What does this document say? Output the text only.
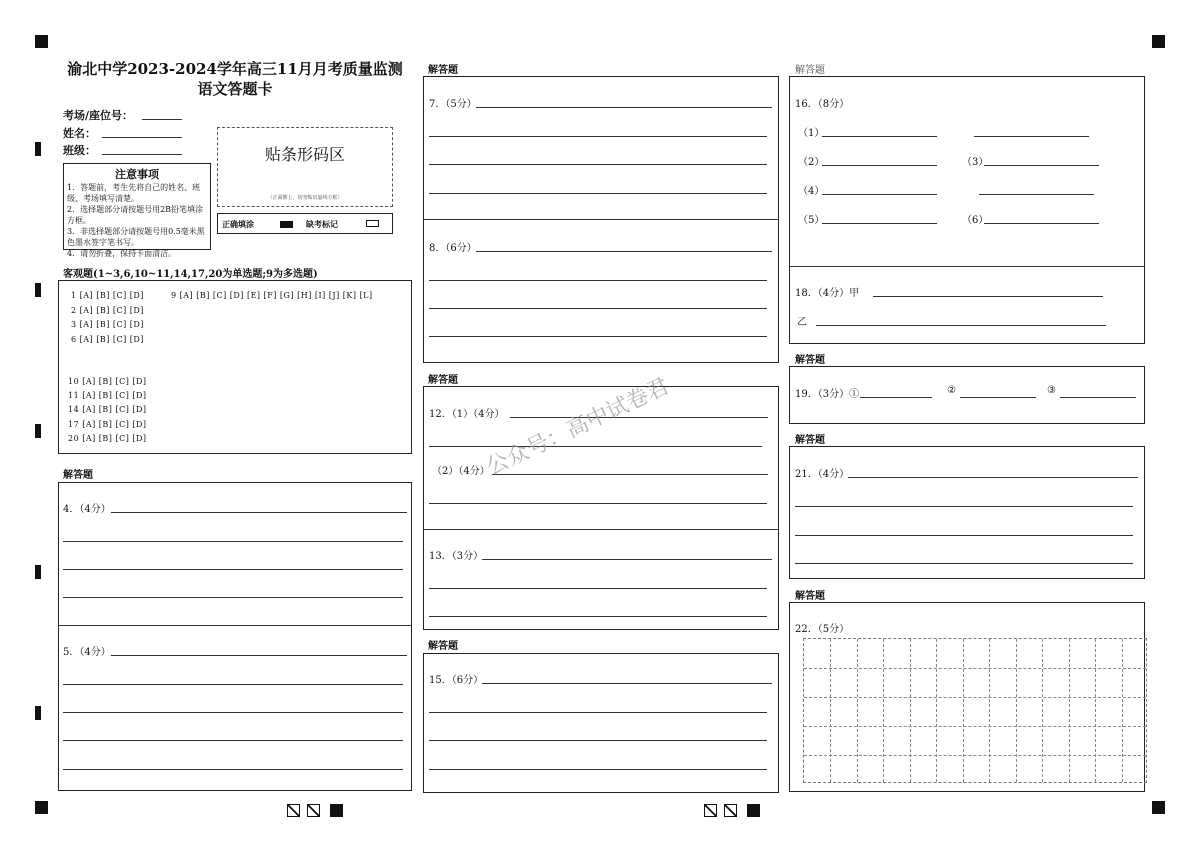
渝北中学2023-2024学年高三11月月考质量监测
语文答题卡
考场/座位号：
姓名：
班级：
注意事项
1．答题前，考生先将自己的姓名、班级、考场填写清楚。
2．选择题部分请按题号用2B铅笔填涂方框。
3．非选择题部分请按题号用0.5毫米黑色墨水签字笔书写。
4．请勿折叠，保持卡面清洁。
贴条形码区
（正面朝上，切勿贴出虚线方框）
正确填涂	缺考标记
客观题(1~3,6,10~11,14,17,20为单选题;9为多选题)
1 [A] [B] [C] [D]
2 [A] [B] [C] [D]
3 [A] [B] [C] [D]
6 [A] [B] [C] [D]
9 [A] [B] [C] [D] [E] [F] [G] [H] [I] [J] [K] [L]
10 [A] [B] [C] [D]
11 [A] [B] [C] [D]
14 [A] [B] [C] [D]
17 [A] [B] [C] [D]
20 [A] [B] [C] [D]
解答题
4．（4分）
5．（4分）
解答题
7．（5分）
8．（6分）
解答题
12．（1）（4分）
（2）（4分）
13．（3分）
解答题
15．（6分）
解答题
16．（8分）
（1）
（2）	（3）
（4）
（5）	（6）
18．（4分）甲
乙
解答题
19．（3分）①	②	③
解答题
21．（4分）
解答题
22．（5分）
公众号：高中试卷君
